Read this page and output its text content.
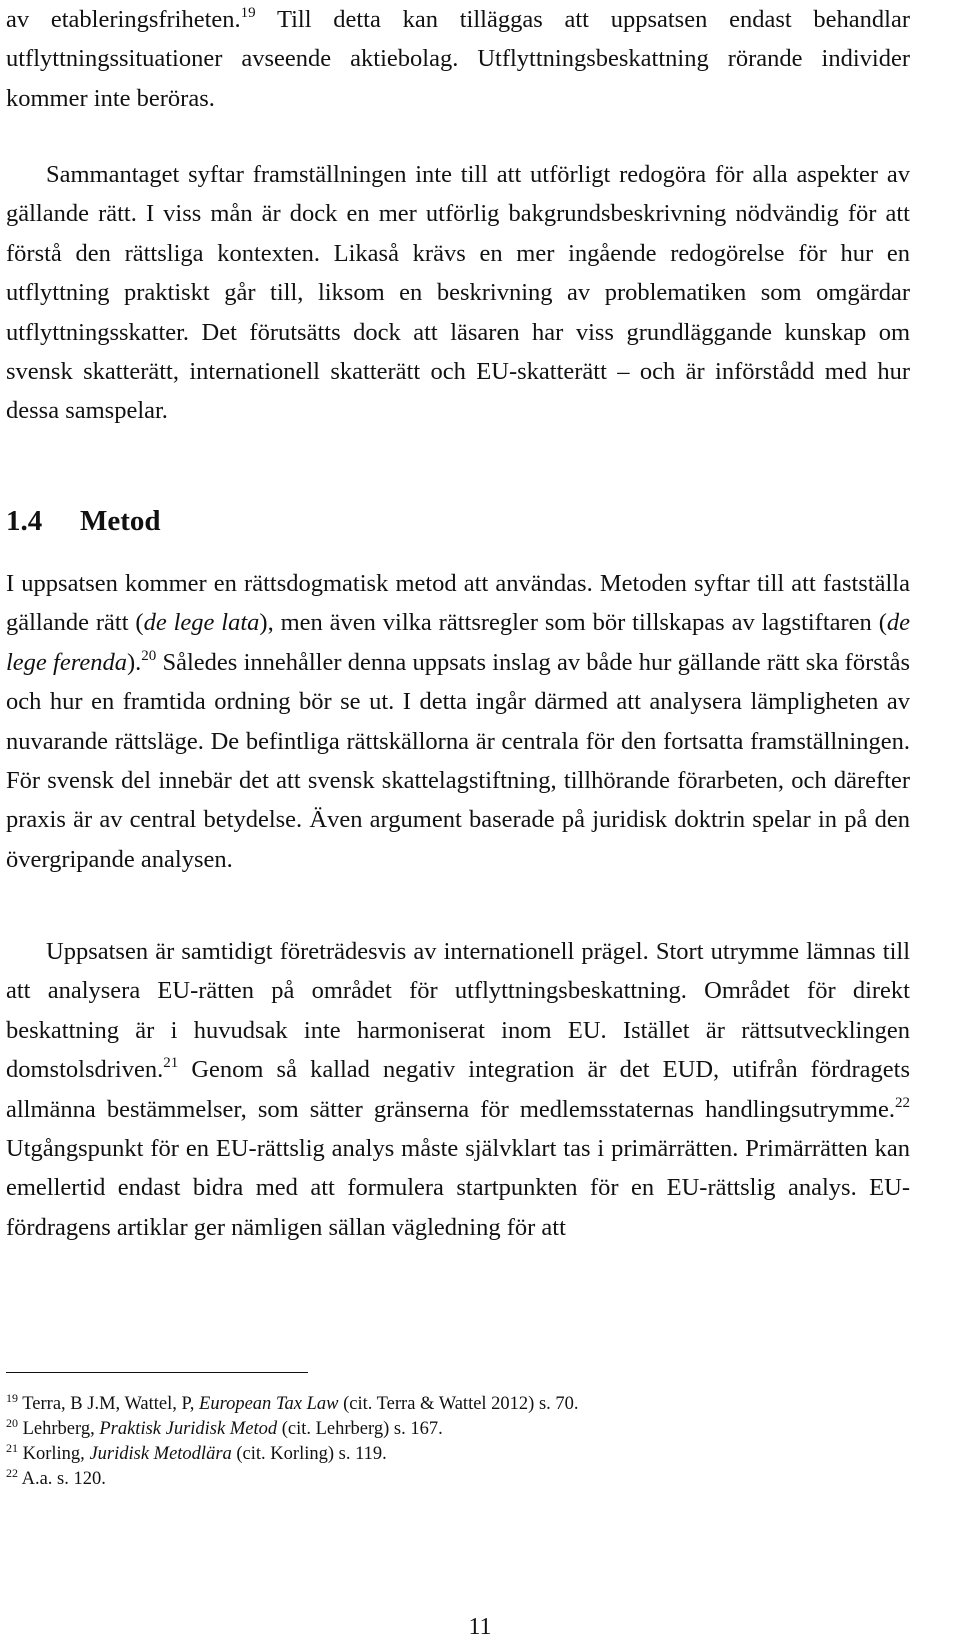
av etableringsfriheten.$^{19}$ Till detta kan tilläggas att uppsatsen endast behandlar utflyttningssituationer avseende aktiebolag. Utflyttningsbeskattning rörande individer kommer inte beröras.

Sammantaget syftar framställningen inte till att utförligt redogöra för alla aspekter av gällande rätt. I viss mån är dock en mer utförlig bakgrundsbeskrivning nödvändig för att förstå den rättsliga kontexten. Likaså krävs en mer ingående redogörelse för hur en utflyttning praktiskt går till, liksom en beskrivning av problematiken som omgärdar utflyttningsskatter. Det förutsätts dock att läsaren har viss grundläggande kunskap om svensk skatterätt, internationell skatterätt och EU-skatterätt – och är införstådd med hur dessa samspelar.

1.4 Metod

I uppsatsen kommer en rättsdogmatisk metod att användas. Metoden syftar till att fastställa gällande rätt (de lege lata), men även vilka rättsregler som bör tillskapas av lagstiftaren (de lege ferenda).$^{20}$ Således innehåller denna uppsats inslag av både hur gällande rätt ska förstås och hur en framtida ordning bör se ut. I detta ingår därmed att analysera lämpligheten av nuvarande rättsläge. De befintliga rättskällorna är centrala för den fortsatta framställningen. För svensk del innebär det att svensk skattelagstiftning, tillhörande förarbeten, och därefter praxis är av central betydelse. Även argument baserade på juridisk doktrin spelar in på den övergripande analysen.

Uppsatsen är samtidigt företrädesvis av internationell prägel. Stort utrymme lämnas till att analysera EU-rätten på området för utflyttningsbeskattning. Området för direkt beskattning är i huvudsak inte harmoniserat inom EU. Istället är rättsutvecklingen domstolsdriven.$^{21}$ Genom så kallad negativ integration är det EUD, utifrån fördragets allmänna bestämmelser, som sätter gränserna för medlemsstaternas handlingsutrymme.$^{22}$ Utgångspunkt för en EU-rättslig analys måste självklart tas i primärrätten. Primärrätten kan emellertid endast bidra med att formulera startpunkten för en EU-rättslig analys. EU-fördragens artiklar ger nämligen sällan vägledning för att

$^{19}$ Terra, B J.M, Wattel, P, European Tax Law (cit. Terra & Wattel 2012) s. 70.
$^{20}$ Lehrberg, Praktisk Juridisk Metod (cit. Lehrberg) s. 167.
$^{21}$ Korling, Juridisk Metodlära (cit. Korling) s. 119.
$^{22}$ A.a. s. 120.
11
